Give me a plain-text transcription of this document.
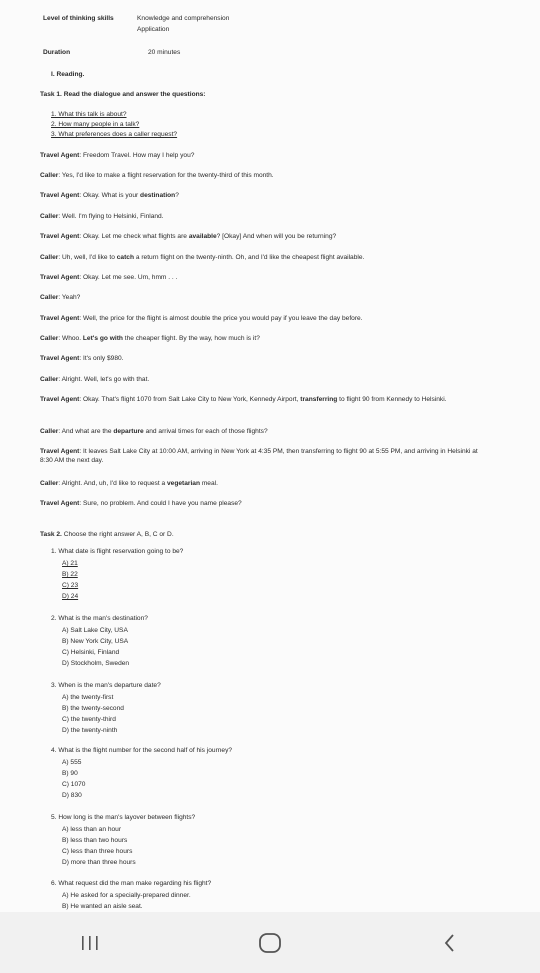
Level of thinking skills	Knowledge and comprehension
Application
Duration	20 minutes
I. Reading.
Task 1. Read the dialogue and answer the questions:
1. What this talk is about?
2. How many people in a talk?
3. What preferences does a caller request?
Travel Agent: Freedom Travel. How may I help you?
Caller: Yes, I'd like to make a flight reservation for the twenty-third of this month.
Travel Agent: Okay. What is your destination?
Caller: Well. I'm flying to Helsinki, Finland.
Travel Agent: Okay. Let me check what flights are available? [Okay] And when will you be returning?
Caller: Uh, well, I'd like to catch a return flight on the twenty-ninth. Oh, and I'd like the cheapest flight available.
Travel Agent: Okay. Let me see. Um, hmm . . .
Caller: Yeah?
Travel Agent: Well, the price for the flight is almost double the price you would pay if you leave the day before.
Caller: Whoo. Let's go with the cheaper flight. By the way, how much is it?
Travel Agent: It's only $980.
Caller: Alright. Well, let's go with that.
Travel Agent: Okay. That's flight 1070 from Salt Lake City to New York, Kennedy Airport, transferring to flight 90 from Kennedy to Helsinki.
Caller: And what are the departure and arrival times for each of those flights?
Travel Agent: It leaves Salt Lake City at 10:00 AM, arriving in New York at 4:35 PM, then transferring to flight 90 at 5:55 PM, and arriving in Helsinki at 8:30 AM the next day.
Caller: Alright. And, uh, I'd like to request a vegetarian meal.
Travel Agent: Sure, no problem. And could I have you name please?
Task 2. Choose the right answer A, B, C or D.
1. What date is flight reservation going to be?
A) 21
B) 22
C) 23
D) 24
2. What is the man's destination?
A) Salt Lake City, USA
B) New York City, USA
C) Helsinki, Finland
D) Stockholm, Sweden
3. When is the man's departure date?
A) the twenty-first
B) the twenty-second
C) the twenty-third
D) the twenty-ninth
4. What is the flight number for the second half of his journey?
A) 555
B) 90
C) 1070
D) 830
5. How long is the man's layover between flights?
A) less than an hour
B) less than two hours
C) less than three hours
D) more than three hours
6. What request did the man make regarding his flight?
A) He asked for a specially-prepared dinner.
B) He wanted an aisle seat.
